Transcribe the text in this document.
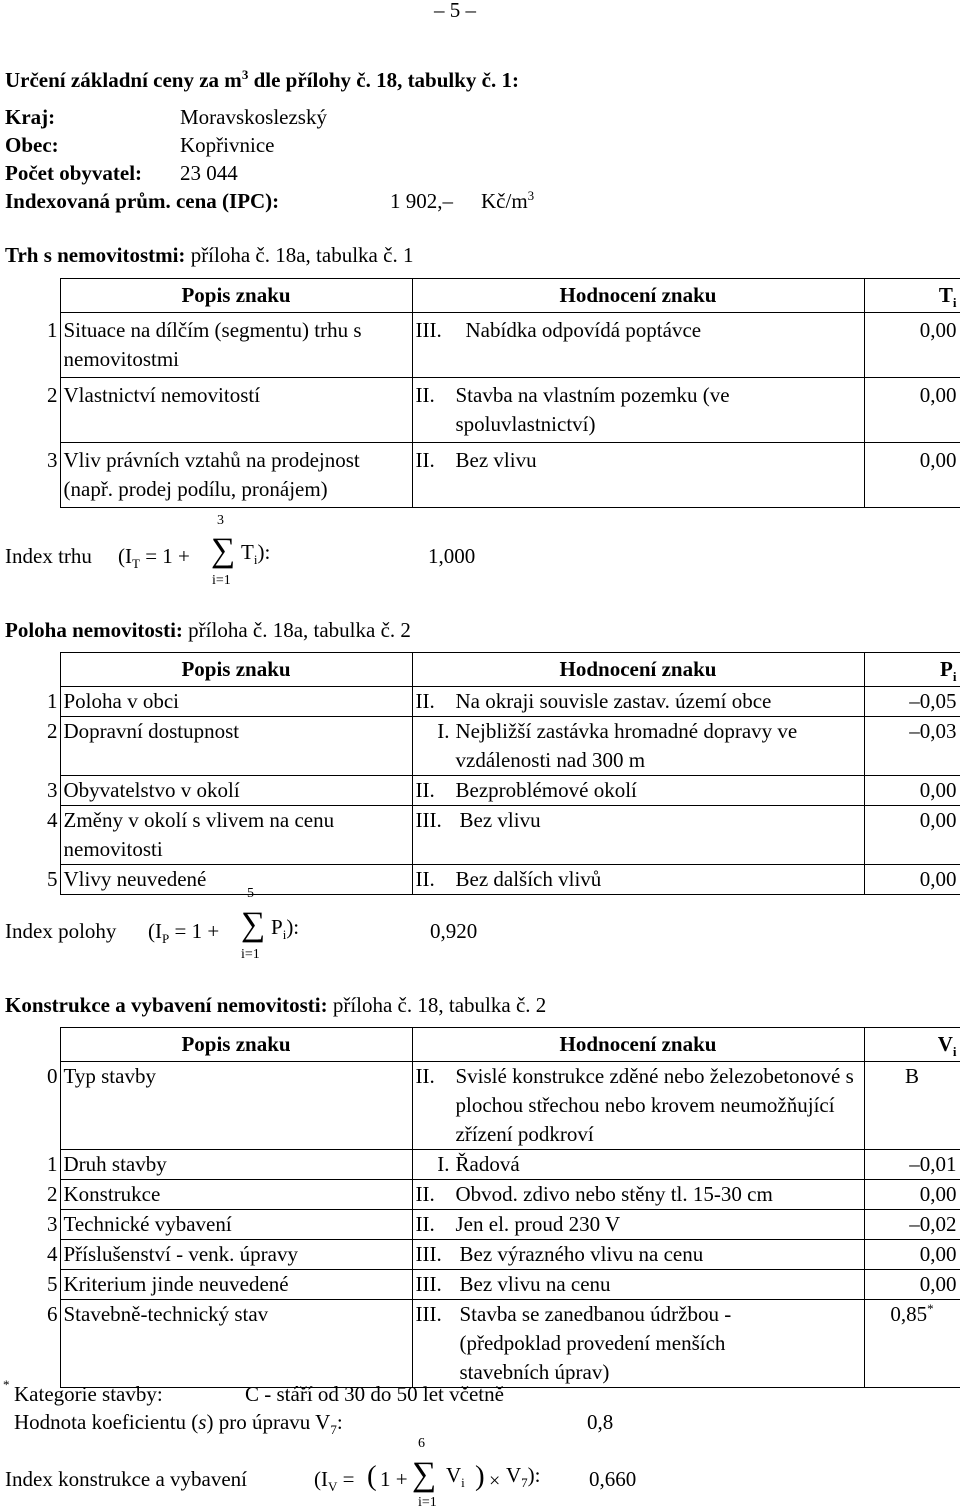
– 5 –
Určení základní ceny za $m^3$ dle přílohy č. 18, tabulky č. 1:
Kraj:	Moravskoslezský
Obec:	Kopřivnice
Počet obyvatel: 23 044
Indexovaná prům. cena (IPC):	1 902,– $Kč/m^3$
Trh s nemovitostmi: příloha č. 18a, tabulka č. 1
	Popis znaku	Hodnocení znaku	$T_i$
1	Situace na dílčím (segmentu) trhu s nemovitostmi	III. Nabídka odpovídá poptávce	0,00
2	Vlastnictví nemovitostí	II. Stavba na vlastním pozemku (ve spoluvlastnictví)	0,00
3	Vliv právních vztahů na prodejnost (např. prodej podílu, pronájem)	II. Bez vlivu	0,00
Index trhu ($I_T = 1$ +
3
∑
i=1
$T_i$):	1,000
Poloha nemovitosti: příloha č. 18a, tabulka č. 2
	Popis znaku	Hodnocení znaku	$P_i$
1	Poloha v obci	II. Na okraji souvisle zastav. území obce	–0,05
2	Dopravní dostupnost	I. Nejbližší zastávka hromadné dopravy ve vzdálenosti nad 300 m	–0,03
3	Obyvatelstvo v okolí	II. Bezproblémové okolí	0,00
4	Změny v okolí s vlivem na cenu nemovitosti	III. Bez vlivu	0,00
5	Vlivy neuvedené	II. Bez dalších vlivů	0,00
Index polohy ($I_P = 1$ +
5
∑
i=1
$P_i$):	0,920
Konstrukce a vybavení nemovitosti: příloha č. 18, tabulka č. 2
	Popis znaku	Hodnocení znaku	$V_i$
0	Typ stavby	II. Svislé konstrukce zděné nebo železobetonové s plochou střechou nebo krovem neumožňující zřízení podkroví	B
1	Druh stavby	I. Řadová	–0,01
2	Konstrukce	II. Obvod. zdivo nebo stěny tl. 15-30 cm	0,00
3	Technické vybavení	II. Jen el. proud 230 V	–0,02
4	Příslušenství - venk. úpravy	III. Bez výrazného vlivu na cenu	0,00
5	Kriterium jinde neuvedené	III. Bez vlivu na cenu	0,00
6	Stavebně-technický stav	III. Stavba se zanedbanou údržbou - (předpoklad provedení menších stavebních úprav)	0,85*
* Kategorie stavby:	C - stáří od 30 do 50 let včetně
Hodnota koeficientu (s) pro úpravu $V_7$:	0,8
Index konstrukce a vybavení	($I_V$ = ( 1 +
6
∑
i=1
$V_i$ ) × $V_7$): 0,660
